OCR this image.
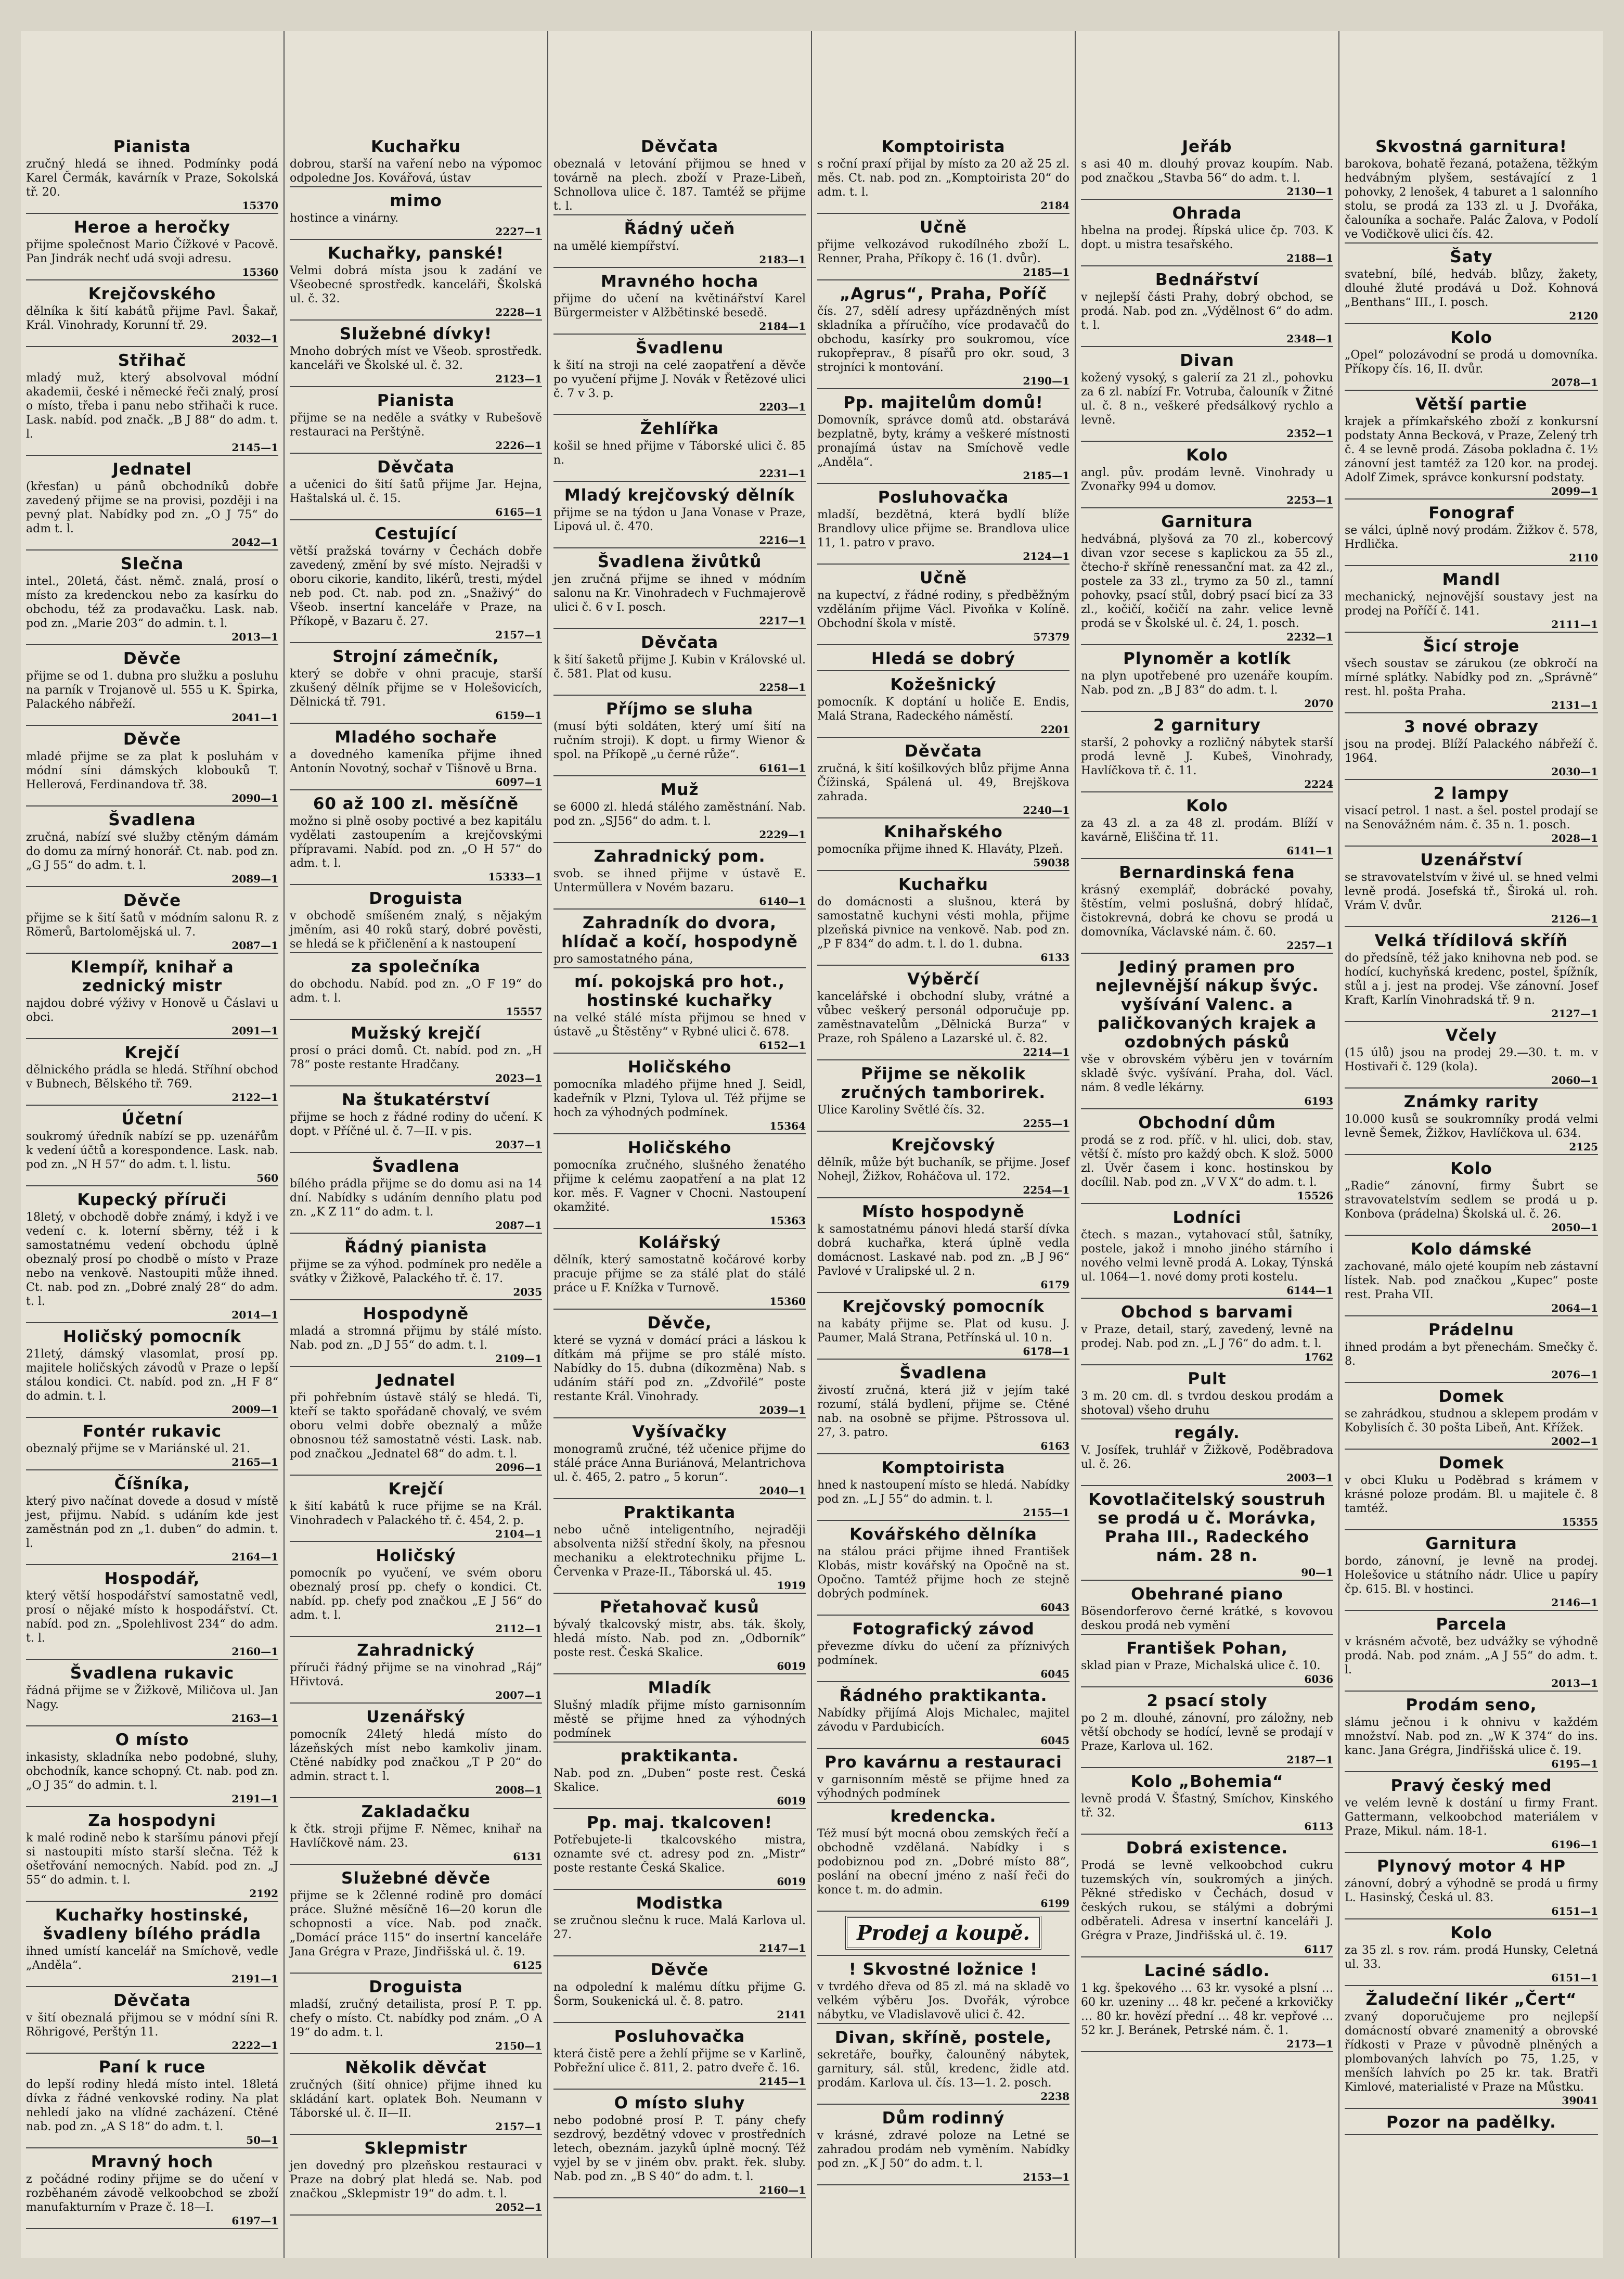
Pianista
zručný hledá se ihned. Podmínky podá Karel Čermák, kavárník v Praze, Sokolská tř. 20.
15370
Heroe a heročky
přijme společnost Mario Čížkové v Pacově. Pan Jindrák nechť udá svoji adresu.
15360
Krejčovského
dělníka k šití kabátů přijme Pavl. Šakař, Král. Vinohrady, Korunní tř. 29.
2032—1
Střihač
mladý muž, který absolvoval módní akademii, české i německé řeči znalý, prosí o místo, třeba i panu nebo střihači k ruce. Lask. nabíd. pod značk. „B J 88“ do adm. t. l.
2145—1
Jednatel
(křesťan) u pánů obchodníků dobře zavedený přijme se na provisi, později i na pevný plat. Nabídky pod zn. „O J 75“ do adm t. l.
2042—1
Slečna
intel., 20letá, část. němč. znalá, prosí o místo za kredenckou nebo za kasírku do obchodu, též za prodavačku. Lask. nab. pod zn. „Marie 203“ do admin. t. l.
2013—1
Děvče
přijme se od 1. dubna pro služku a posluhu na parník v Trojanově ul. 555 u K. Špirka, Palackého nábřeží.
2041—1
Děvče
mladé přijme se za plat k posluhám v módní síni dámských klobouků T. Hellerová, Ferdinandova tř. 38.
2090—1
Švadlena
zručná, nabízí své služby ctěným dámám do domu za mírný honorář. Ct. nab. pod zn. „G J 55“ do adm. t. l.
2089—1
Děvče
přijme se k šití šatů v módním salonu R. z Römerů, Bartolomějská ul. 7.
2087—1
Klempíř, knihař a zednický mistr
najdou dobré výživy v Honově u Čáslavi u obci.
2091—1
Krejčí
dělnického prádla se hledá. Stříhní obchod v Bubnech, Bělského tř. 769.
2122—1
Účetní
soukromý úředník nabízí se pp. uzenářům k vedení účtů a korespondence. Lask. nab. pod zn. „N H 57“ do adm. t. l. listu.
560
Kupecký příruči
18letý, v obchodě dobře známý, i když i ve vedení c. k. loterní sběrny, též i k samostatnému vedení obchodu úplně obeznalý prosí po chodbě o místo v Praze nebo na venkově. Nastoupiti může ihned. Ct. nab. pod zn. „Dobré znalý 28“ do adm. t. l.
2014—1
Holičský pomocník
21letý, dámský vlasomlat, prosí pp. majitele holičských závodů v Praze o lepší stálou kondici. Ct. nabíd. pod zn. „H F 8“ do admin. t. l.
2009—1
Fontér rukavic
obeznalý přijme se v Mariánské ul. 21.
2165—1
Číšníka,
který pivo načínat dovede a dosud v místě jest, přijmu. Nabíd. s udáním kde jest zaměstnán pod zn „1. duben“ do admin. t. l.
2164—1
Hospodář,
který větší hospodářství samostatně vedl, prosí o nějaké místo k hospodářství. Ct. nabíd. pod zn. „Spolehlivost 234“ do adm. t. l.
2160—1
Švadlena rukavic
řádná přijme se v Žižkově, Miličova ul. Jan Nagy.
2163—1
O místo
inkasisty, skladníka nebo podobné, sluhy, obchodník, kance schopný. Ct. nab. pod zn. „O J 35“ do admin. t. l.
2191—1
Za hospodyni
k malé rodině nebo k staršímu pánovi přejí si nastoupiti místo starší slečna. Též k ošetřování nemocných. Nabíd. pod zn. „J 55“ do admin. t. l.
2192
Kuchařky hostinské, švadleny bílého prádla
ihned umístí kancelář na Smíchově, vedle „Anděla“.
2191—1
Děvčata
v šití obeznalá přijmou se v módní síni R. Röhrigové, Perštýn 11.
2222—1
Paní k ruce
do lepší rodiny hledá místo intel. 18letá dívka z řádné venkovské rodiny. Na plat nehledí jako na vlídné zacházení. Ctěné nab. pod zn. „A S 18“ do adm. t. l.
50—1
Mravný hoch
z počádné rodiny přijme se do učení v rozběhaném závodě velkoobchod se zboží manufakturním v Praze č. 18—I.
6197—1
Kuchařku
dobrou, starší na vaření nebo na výpomoc odpoledne Jos. Kovářová, ústav
mimo
hostince a vinárny.
2227—1
Kuchařky, panské!
Velmi dobrá místa jsou k zadání ve Všeobecné sprostředk. kanceláři, Školská ul. č. 32.
2228—1
Služebné dívky!
Mnoho dobrých míst ve Všeob. sprostředk. kanceláři ve Školské ul. č. 32.
2123—1
Pianista
přijme se na neděle a svátky v Rubešově restauraci na Perštýně.
2226—1
Děvčata
a učenici do šití šatů přijme Jar. Hejna, Haštalská ul. č. 15.
6165—1
Cestující
větší pražská továrny v Čechách dobře zavedený, změní by své místo. Nejradši v oboru cikorie, kandito, likérů, tresti, mýdel neb pod. Ct. nab. pod zn. „Snaživý“ do Všeob. insertní kanceláře v Praze, na Příkopě, v Bazaru č. 27.
2157—1
Strojní zámečník,
který se dobře v ohni pracuje, starší zkušený dělník přijme se v Holešovicích, Dělnická tř. 791.
6159—1
Mladého sochaře
a dovedného kameníka přijme ihned Antonín Novotný, sochař v Tišnově u Brna.
6097—1
60 až 100 zl. měsíčně
možno si plně osoby poctivé a bez kapitálu vydělati zastoupením a krejčovskými přípravami. Nabíd. pod zn. „O H 57“ do adm. t. l.
15333—1
Droguista
v obchodě smíšeném znalý, s nějakým jměním, asi 40 roků starý, dobré pověsti, se hledá se k přičlenění a k nastoupení
za společníka
do obchodu. Nabíd. pod zn. „O F 19“ do adm. t. l.
15557
Mužský krejčí
prosí o práci domů. Ct. nabíd. pod zn. „H 78“ poste restante Hradčany.
2023—1
Na štukatérství
přijme se hoch z řádné rodiny do učení. K dopt. v Příčné ul. č. 7—II. v pis.
2037—1
Švadlena
bílého prádla přijme se do domu asi na 14 dní. Nabídky s udáním denního platu pod zn. „K Z 11“ do adm. t. l.
2087—1
Řádný pianista
přijme se za výhod. podmínek pro neděle a svátky v Žižkově, Palackého tř. č. 17.
2035
Hospodyně
mladá a stromná přijmu by stálé místo. Nab. pod zn. „D J 55“ do adm. t. l.
2109—1
Jednatel
při pohřebním ústavě stálý se hledá. Ti, kteří se takto spořádaně chovalý, ve svém oboru velmi dobře obeznalý a může obnosnou též samostatně vésti. Lask. nab. pod značkou „Jednatel 68“ do adm. t. l.
2096—1
Krejčí
k šití kabátů k ruce přijme se na Král. Vinohradech v Palackého tř. č. 454, 2. p.
2104—1
Holičský
pomocník po vyučení, ve svém oboru obeznalý prosí pp. chefy o kondici. Ct. nabíd. pp. chefy pod značkou „E J 56“ do adm. t. l.
2112—1
Zahradnický
příruči řádný přijme se na vinohrad „Ráj“ Hřivtová.
2007—1
Uzenářský
pomocník 24letý hledá místo do lázeňských míst nebo kamkoliv jinam. Ctěné nabídky pod značkou „T P 20“ do admin. stract t. l.
2008—1
Zakladačku
k čtk. stroji přijme F. Němec, knihař na Havlíčkově nám. 23.
6131
Služebné děvče
přijme se k 2členné rodině pro domácí práce. Služné měsíčně 16—20 korun dle schopnosti a více. Nab. pod značk. „Domácí práce 115“ do insertní kanceláře Jana Grégra v Praze, Jindřišská ul. č. 19.
6125
Droguista
mladší, zručný detailista, prosí P. T. pp. chefy o místo. Ct. nabídky pod znám. „O A 19“ do adm. t. l.
2150—1
Několik děvčat
zručných (šití ohnice) přijme ihned ku skládání kart. oplatek Boh. Neumann v Táborské ul. č. II—II.
2157—1
Sklepmistr
jen dovedný pro plzeňskou restauraci v Praze na dobrý plat hledá se. Nab. pod značkou „Sklepmistr 19“ do adm. t. l.
2052—1
Děvčata
obeznalá v letování přijmou se hned v továrně na plech. zboží v Praze-Libeň, Schnollova ulice č. 187. Tamtéž se přijme t. l.
Řádný učeň
na umělé kiempířství.
2183—1
Mravného hocha
přijme do učení na květinářství Karel Bürgermeister v Alžbětinské besedě.
2184—1
Švadlenu
k šití na stroji na celé zaopatření a děvče po vyučení přijme J. Novák v Řetězové ulici č. 7 v 3. p.
2203—1
Žehlířka
košil se hned přijme v Táborské ulici č. 85 n.
2231—1
Mladý krejčovský dělník
přijme se na týdon u Jana Vonase v Praze, Lipová ul. č. 470.
2216—1
Švadlena živůtků
jen zručná přijme se ihned v módním salonu na Kr. Vinohradech v Fuchmajerově ulici č. 6 v I. posch.
2217—1
Děvčata
k šití šaketů přijme J. Kubin v Královské ul. č. 581. Plat od kusu.
2258—1
Příjmo se sluha
(musí býti soldáten, který umí šití na ručním stroji). K dopt. u firmy Wienor & spol. na Příkopě „u černé růže“.
6161—1
Muž
se 6000 zl. hledá stálého zaměstnání. Nab. pod zn. „SJ56“ do adm. t. l.
2229—1
Zahradnický pom.
svob. se ihned přijme v ústavě E. Untermüllera v Novém bazaru.
6140—1
Zahradník do dvora, hlídač a kočí, hospodyně
pro samostatného pána,
mí. pokojská pro hot., hostinské kuchařky
na velké stálé místa přijmou se hned v ústavě „u Štěstěny“ v Rybné ulici č. 678.
6152—1
Holičského
pomocníka mladého přijme hned J. Seidl, kadeřník v Plzni, Tylova ul. Též přijme se hoch za výhodných podmínek.
15364
Holičského
pomocníka zručného, slušného ženatého přijme k celému zaopatření a na plat 12 kor. měs. F. Vagner v Chocni. Nastoupení okamžité.
15363
Kolářský
dělník, který samostatně kočárové korby pracuje přijme se za stálé plat do stálé práce u F. Knížka v Turnově.
15360
Děvče,
které se vyzná v domácí práci a láskou k dítkám má přijme se pro stálé místo. Nabídky do 15. dubna (díkozměna) Nab. s udáním stáří pod zn. „Zdvořilé“ poste restante Král. Vinohrady.
2039—1
Vyšívačky
monogramů zručné, též učenice přijme do stálé práce Anna Buriánová, Melantrichova ul. č. 465, 2. patro „ 5 korun“.
2040—1
Praktikanta
nebo učně inteligentního, nejraději absolventa nižší střední školy, na přesnou mechaniku a elektrotechniku přijme L. Červenka v Praze-II., Táborská ul. 45.
1919
Přetahovač kusů
bývalý tkalcovský mistr, abs. ták. školy, hledá místo. Nab. pod zn. „Odborník“ poste rest. Česká Skalice.
6019
Mladík
Slušný mladík přijme místo garnisonním městě se přijme hned za výhodných podmínek
praktikanta.
Nab. pod zn. „Duben“ poste rest. Česká Skalice.
6019
Pp. maj. tkalcoven!
Potřebujete-li tkalcovského mistra, oznamte své ct. adresy pod zn. „Mistr“ poste restante Česká Skalice.
6019
Modistka
se zručnou slečnu k ruce. Malá Karlova ul. 27.
2147—1
Děvče
na odpolední k malému dítku přijme G. Šorm, Soukenická ul. č. 8. patro.
2141
Posluhovačka
která čistě pere a žehlí přijme se v Karlině, Pobřežní ulice č. 811, 2. patro dveře č. 16.
2145—1
O místo sluhy
nebo podobné prosí P. T. pány chefy sezdrový, bezdětný vdovec v prostředních letech, obeznám. jazyků úplně mocný. Též vyjel by se v jiném obv. prakt. řek. sluby. Nab. pod zn. „B S 40“ do adm. t. l.
2160—1
Komptoirista
s roční praxí přijal by místo za 20 až 25 zl. měs. Ct. nab. pod zn. „Komptoirista 20“ do adm. t. l.
2184
Učně
přijme velkozávod rukodílného zboží L. Renner, Praha, Příkopy č. 16 (1. dvůr).
2185—1
„Agrus“, Praha, Poříč
čís. 27, sdělí adresy upřázdněných míst skladníka a příručího, více prodavačů do obchodu, kasírky pro soukromou, více rukopřeprav., 8 písařů pro okr. soud, 3 strojníci k montování.
2190—1
Pp. majitelům domů!
Domovník, správce domů atd. obstarává bezplatně, byty, krámy a veškeré místnosti pronajímá ústav na Smíchově vedle „Anděla“.
2185—1
Posluhovačka
mladší, bezdětná, která bydlí blíže Brandlovy ulice přijme se. Brandlova ulice 11, 1. patro v pravo.
2124—1
Učně
na kupectví, z řádné rodiny, s předběžným vzděláním přijme Václ. Pivoňka v Kolíně. Obchodní škola v místě.
57379
Hledá se dobrý
Kožešnický
pomocník. K doptání u holiče E. Endis, Malá Strana, Radeckého náměstí.
2201
Děvčata
zručná, k šití košilkových blůz přijme Anna Čížinská, Spálená ul. 49, Brejškova zahrada.
2240—1
Knihařského
pomocníka přijme ihned K. Hlaváty, Plzeň.
59038
Kuchařku
do domácnosti a slušnou, která by samostatně kuchyni vésti mohla, přijme plzeňská pivnice na venkově. Nab. pod zn. „P F 834“ do adm. t. l. do 1. dubna.
6133
Výběrčí
kancelářské i obchodní sluby, vrátné a vůbec veškerý personál odporučuje pp. zaměstnavatelům „Dělnická Burza“ v Praze, roh Spáleno a Lazarské ul. č. 82.
2214—1
Přijme se několik zručných tamborirek.
Ulice Karoliny Světlé čís. 32.
2255—1
Krejčovský
dělník, může být buchaník, se přijme. Josef Nohejl, Žižkov, Roháčova ul. 172.
2254—1
Místo hospodyně
k samostatnému pánovi hledá starší dívka dobrá kuchařka, která úplně vedla domácnost. Laskavé nab. pod zn. „B J 96“ Pavlové v Uralipské ul. 2 n.
6179
Krejčovský pomocník
na kabáty přijme se. Plat od kusu. J. Paumer, Malá Strana, Petřínská ul. 10 n.
6178—1
Švadlena
živostí zručná, která již v jejím také rozumí, stálá bydlení, přijme se. Ctěné nab. na osobně se přijme. Pštrossova ul. 27, 3. patro.
6163
Komptoirista
hned k nastoupení místo se hledá. Nabídky pod zn. „L J 55“ do admin. t. l.
2155—1
Kovářského dělníka
na stálou práci přijme ihned František Klobás, mistr kovářský na Opočně na st. Opočno. Tamtéž přijme hoch ze stejně dobrých podmínek.
6043
Fotografický závod
převezme dívku do učení za příznivých podmínek.
6045
Řádného praktikanta.
Nabídky přijímá Alojs Michalec, majitel závodu v Pardubicích.
6045
Pro kavárnu a restauraci
v garnisonním městě se přijme hned za výhodných podmínek
kredencka.
Též musí být mocná obou zemských řečí a obchodně vzdělaná. Nabídky i s podobiznou pod zn. „Dobré místo 88“, poslání na obecní jméno z naší řeči do konce t. m. do admin.
6199
Prodej a koupě.
! Skvostné ložnice !
v tvrdého dřeva od 85 zl. má na skladě vo velkém výběru Jos. Dvořák, výrobce nábytku, ve Vladislavově ulici č. 42.
Divan, skříně, postele,
sekretáře, bouřky, čalouněný nábytek, garnitury, sál. stůl, kredenc, židle atd. prodám. Karlova ul. čís. 13—1. 2. posch.
2238
Dům rodinný
v krásné, zdravé poloze na Letné se zahradou prodám neb vyměním. Nabídky pod zn. „K J 50“ do adm. t. l.
2153—1
Jeřáb
s asi 40 m. dlouhý provaz koupím. Nab. pod značkou „Stavba 56“ do adm. t. l.
2130—1
Ohrada
hbelna na prodej. Řípská ulice čp. 703. K dopt. u mistra tesařského.
2188—1
Bednářství
v nejlepší části Prahy, dobrý obchod, se prodá. Nab. pod zn. „Výdělnost 6“ do adm. t. l.
2348—1
Divan
kožený vysoký, s galerií za 21 zl., pohovku za 6 zl. nabízí Fr. Votruba, čalouník v Žitné ul. č. 8 n., veškeré předsálkový rychlo a levně.
2352—1
Kolo
angl. pův. prodám levně. Vinohrady u Zvonařky 994 u domov.
2253—1
Garnitura
hedvábná, plyšová za 70 zl., kobercový divan vzor secese s kaplickou za 55 zl., čtecho-ř skříně renessanční mat. za 42 zl., postele za 33 zl., trymo za 50 zl., tamní pohovky, psací stůl, dobrý psací bicí za 33 zl., kočičí, kočičí na zahr. velice levně prodá se v Školské ul. č. 24, 1. posch.
2232—1
Plynoměr a kotlík
na plyn upotřebené pro uzenáře koupím. Nab. pod zn. „B J 83“ do adm. t. l.
2070
2 garnitury
starší, 2 pohovky a rozličný nábytek starší prodá levně J. Kubeš, Vinohrady, Havlíčkova tř. č. 11.
2224
Kolo
za 43 zl. a za 48 zl. prodám. Blíží v kavárně, Eliščina tř. 11.
6141—1
Bernardinská fena
krásný exemplář, dobrácké povahy, štěstím, velmi poslušná, dobrý hlídač, čistokrevná, dobrá ke chovu se prodá u domovníka, Václavské nám. č. 60.
2257—1
Jediný pramen pro nejlevnější nákup švýc. vyšívání Valenc. a paličkovaných krajek a ozdobných pásků
vše v obrovském výběru jen v továrním skladě švýc. vyšívání. Praha, dol. Václ. nám. 8 vedle lékárny.
6193
Obchodní dům
prodá se z rod. příč. v hl. ulici, dob. stav, větší č. místo pro každý obch. K slož. 5000 zl. Úvěr časem i konc. hostinskou by docílil. Nab. pod zn. „V V X“ do adm. t. l.
15526
Lodníci
čtech. s mazan., vytahovací stůl, šatníky, postele, jakož i mnoho jiného stárního i nového velmi levně prodá A. Lokay, Týnská ul. 1064—1. nové domy proti kostelu.
6144—1
Obchod s barvami
v Praze, detail, starý, zavedený, levně na prodej. Nab. pod zn. „L J 76“ do adm. t. l.
1762
Pult
3 m. 20 cm. dl. s tvrdou deskou prodám a shotoval) všeho druhu
regály.
V. Josífek, truhlář v Žižkově, Poděbradova ul. č. 26.
2003—1
Kovotlačitelský soustruh se prodá u č. Morávka, Praha III., Radeckého nám. 28 n.
90—1
Obehrané piano
Bösendorferovo černé krátké, s kovovou deskou prodá neb vymění
František Pohan,
sklad pian v Praze, Michalská ulice č. 10.
6036
2 psací stoly
po 2 m. dlouhé, zánovní, pro záložny, neb větší obchody se hodící, levně se prodají v Praze, Karlova ul. 162.
2187—1
Kolo „Bohemia“
levně prodá V. Šťastný, Smíchov, Kinského tř. 32.
6113
Dobrá existence.
Prodá se levně velkoobchod cukru tuzemských vín, soukromých a jiných. Pěkné středisko v Čechách, dosud v českých rukou, se stálými a dobrými odběrateli. Adresa v insertní kanceláři J. Grégra v Praze, Jindřišská ul. č. 19.
6117
Laciné sádlo.
1 kg. špekového … 63 kr. vysoké a plsní … 60 kr. uzeniny … 48 kr. pečené a krkovičky … 80 kr. hovězí přední … 48 kr. vepřové … 52 kr. J. Beránek, Petrské nám. č. 1.
2173—1
Skvostná garnitura!
barokova, bohatě řezaná, potažena, těžkým hedvábným plyšem, sestávající z 1 pohovky, 2 lenošek, 4 taburet a 1 salonního stolu, se prodá za 133 zl. u J. Dvořáka, čalouníka a sochaře. Palác Žalova, v Podolí ve Vodičkově ulici čís. 42.
Šaty
svatební, bílé, hedváb. blůzy, žakety, dlouhé žluté prodává u Dož. Kohnová „Benthans“ III., I. posch.
2120
Kolo
„Opel“ polozávodní se prodá u domovníka. Příkopy čís. 16, II. dvůr.
2078—1
Větší partie
krajek a přímkařského zboží z konkursní podstaty Anna Becková, v Praze, Zelený trh č. 4 se levně prodá. Zásoba pokladna č. 1½ zánovní jest tamtéž za 120 kor. na prodej. Adolf Zimek, správce konkursní podstaty.
2099—1
Fonograf
se válci, úplně nový prodám. Žižkov č. 578, Hrdlička.
2110
Mandl
mechanický, nejnovější soustavy jest na prodej na Poříčí č. 141.
2111—1
Šicí stroje
všech soustav se zárukou (ze obkročí na mírné splátky. Nabídky pod zn. „Správně“ rest. hl. pošta Praha.
2131—1
3 nové obrazy
jsou na prodej. Blíží Palackého nábřeží č. 1964.
2030—1
2 lampy
visací petrol. 1 nast. a šel. postel prodají se na Senovážném nám. č. 35 n. 1. posch.
2028—1
Uzenářství
se stravovatelstvím v živé ul. se hned velmi levně prodá. Josefská tř., Široká ul. roh. Vrám V. dvůr.
2126—1
Velká třídilová skříň
do předsíně, též jako knihovna neb pod. se hodící, kuchyňská kredenc, postel, špížník, stůl a j. jest na prodej. Vše zánovní. Josef Kraft, Karlín Vinohradská tř. 9 n.
2127—1
Včely
(15 úlů) jsou na prodej 29.—30. t. m. v Hostivaři č. 129 (kola).
2060—1
Známky rarity
10.000 kusů se soukromníky prodá velmi levně Šemek, Žižkov, Havlíčkova ul. 634.
2125
Kolo
„Radie“ zánovní, firmy Šubrt se stravovatelstvím sedlem se prodá u p. Konbova (prádelna) Školská ul. č. 26.
2050—1
Kolo dámské
zachované, málo ojeté koupím neb zástavní lístek. Nab. pod značkou „Kupec“ poste rest. Praha VII.
2064—1
Prádelnu
ihned prodám a byt přenechám. Smečky č. 8.
2076—1
Domek
se zahrádkou, studnou a sklepem prodám v Kobylisích č. 30 pošta Libeň, Ant. Křížek.
2002—1
Domek
v obci Kluku u Poděbrad s krámem v krásné poloze prodám. Bl. u majitele č. 8 tamtéž.
15355
Garnitura
bordo, zánovní, je levně na prodej. Holešovice u státního nádr. Ulice u papíry čp. 615. Bl. v hostinci.
2146—1
Parcela
v krásném ačvotě, bez udvážky se výhodně prodá. Nab. pod znám. „A J 55“ do adm. t. l.
2013—1
Prodám seno,
slámu ječnou i k ohnivu v každém množství. Nab. pod zn. „W K 374“ do ins. kanc. Jana Grégra, Jindřišská ulice č. 19.
6195—1
Pravý český med
ve velém levně k dostání u firmy Frant. Gattermann, velkoobchod materiálem v Praze, Mikul. nám. 18-1.
6196—1
Plynový motor 4 HP
zánovní, dobrý a výhodně se prodá u firmy L. Hasinský, Česká ul. 83.
6151—1
Kolo
za 35 zl. s rov. rám. prodá Hunsky, Celetná ul. 33.
6151—1
Žaludeční likér „Čert“
zvaný doporučujeme pro nejlepší domácností obvaré znamenitý a obrovské řídkosti v Praze v původně plněných a plombovaných lahvích po 75, 1.25, v menších lahvích po 25 kr. tak. Bratři Kimlové, materialisté v Praze na Můstku.
39041
Pozor na padělky.
